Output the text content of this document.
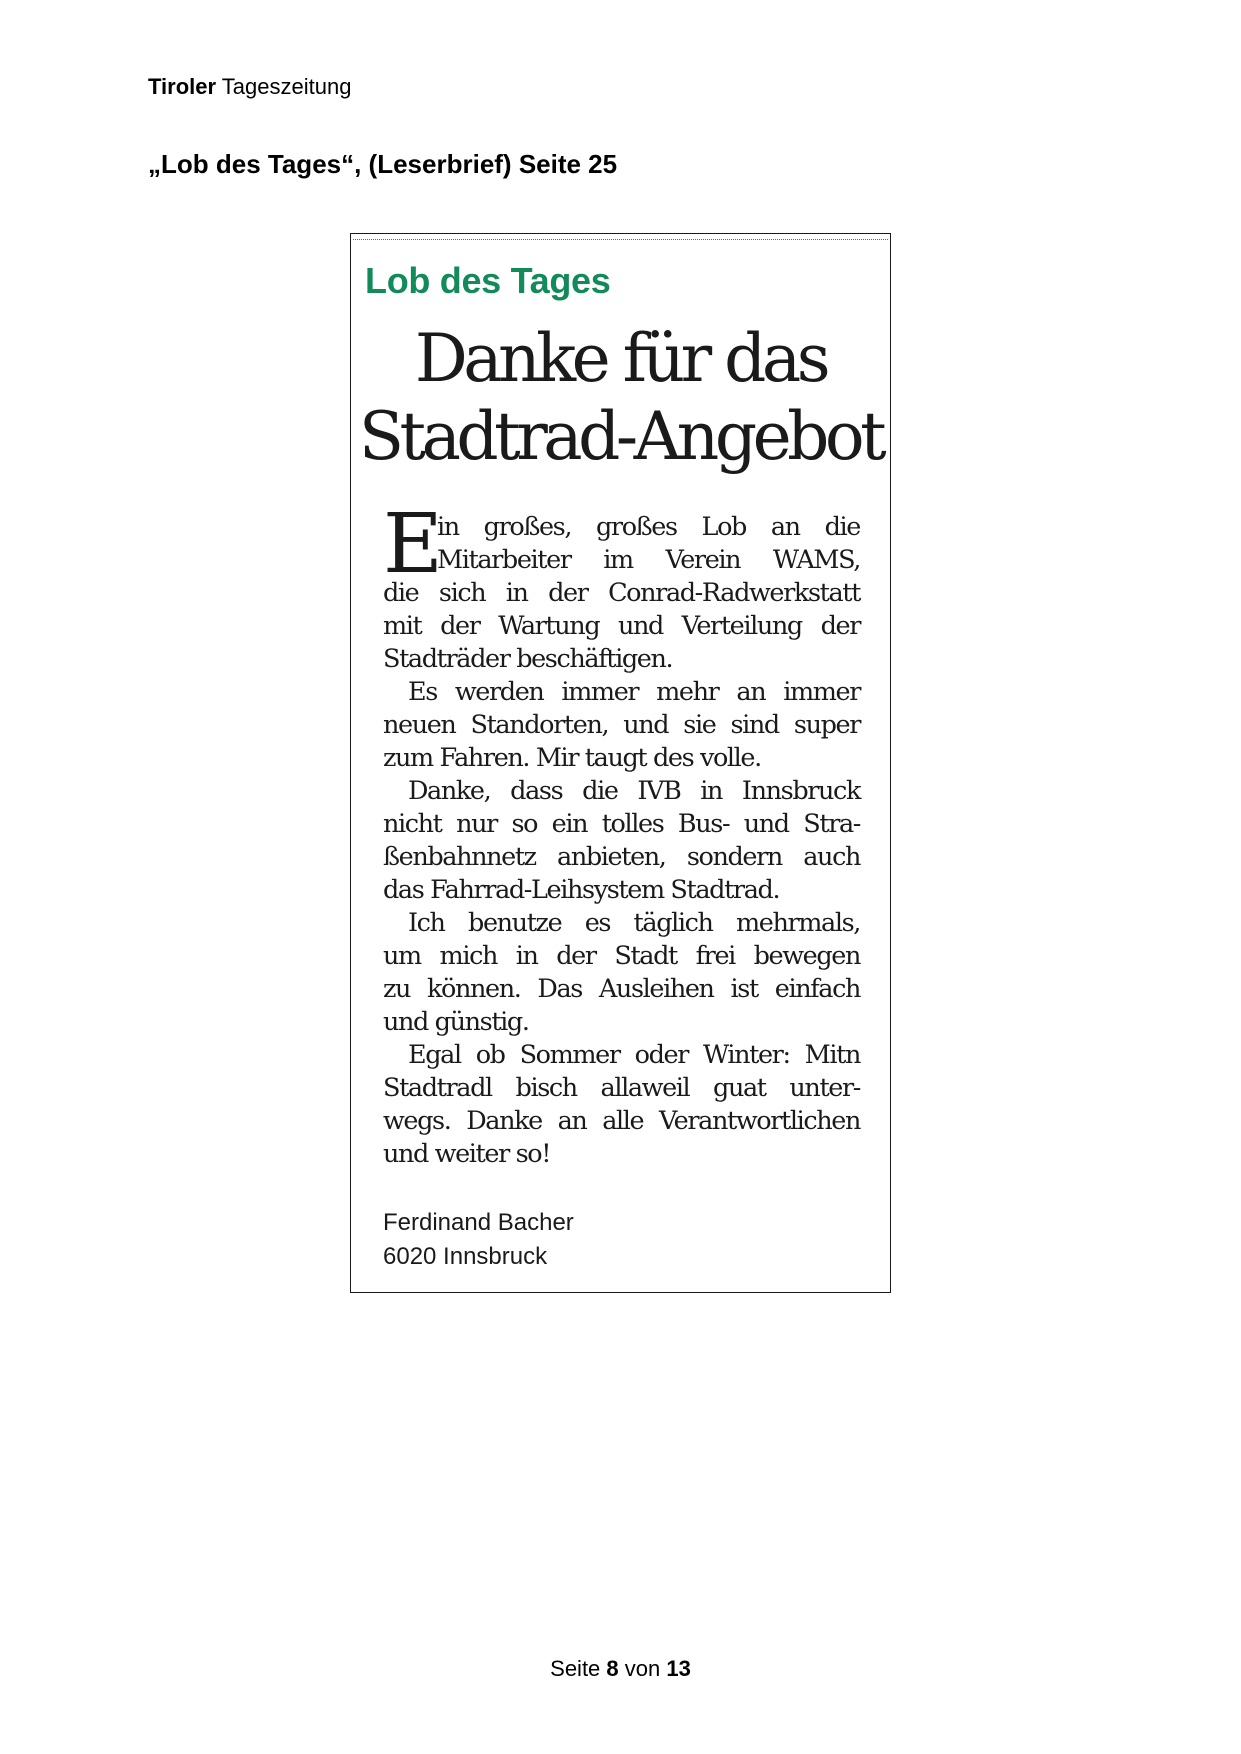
Tiroler Tageszeitung
„Lob des Tages“, (Leserbrief) Seite 25
Lob des Tages
Danke für das
Stadtrad-Angebot
E
in großes, großes Lob an die
Mitarbeiter im Verein WAMS,
die sich in der Conrad-Radwerkstatt
mit der Wartung und Verteilung der
Stadträder beschäftigen.
Es werden immer mehr an immer
neuen Standorten, und sie sind super
zum Fahren. Mir taugt des volle.
Danke, dass die IVB in Innsbruck
nicht nur so ein tolles Bus- und Stra-
ßenbahnnetz anbieten, sondern auch
das Fahrrad-Leihsystem Stadtrad.
Ich benutze es täglich mehrmals,
um mich in der Stadt frei bewegen
zu können. Das Ausleihen ist einfach
und günstig.
Egal ob Sommer oder Winter: Mitn
Stadtradl bisch allaweil guat unter-
wegs. Danke an alle Verantwortlichen
und weiter so!
Ferdinand Bacher
6020 Innsbruck
Seite 8 von 13
